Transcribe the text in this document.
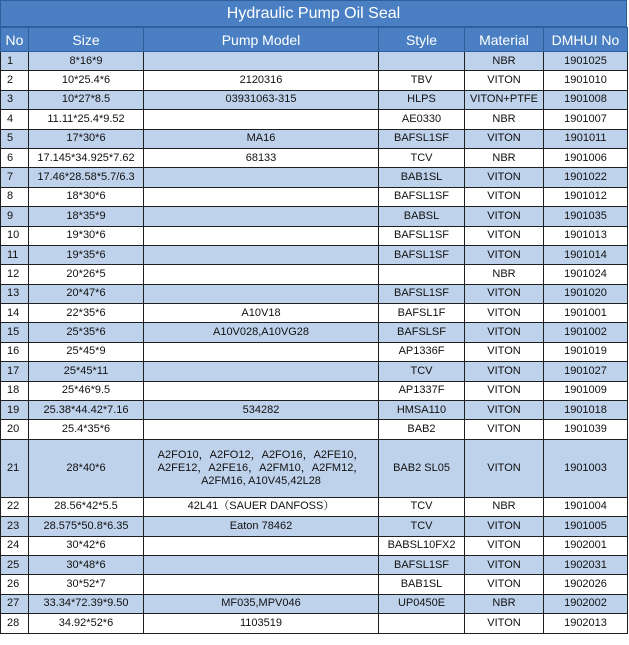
Hydraulic Pump Oil Seal
No	Size	Pump Model	Style	Material	DMHUI No
1	8*16*9			NBR	1901025
2	10*25.4*6	2120316	TBV	VITON	1901010
3	10*27*8.5	03931063-315	HLPS	VITON+PTFE	1901008
4	11.11*25.4*9.52		AE0330	NBR	1901007
5	17*30*6	MA16	BAFSL1SF	VITON	1901011
6	17.145*34.925*7.62	68133	TCV	NBR	1901006
7	17.46*28.58*5.7/6.3		BAB1SL	VITON	1901022
8	18*30*6		BAFSL1SF	VITON	1901012
9	18*35*9		BABSL	VITON	1901035
10	19*30*6		BAFSL1SF	VITON	1901013
11	19*35*6		BAFSL1SF	VITON	1901014
12	20*26*5			NBR	1901024
13	20*47*6		BAFSL1SF	VITON	1901020
14	22*35*6	A10V18	BAFSL1F	VITON	1901001
15	25*35*6	A10V028,A10VG28	BAFSLSF	VITON	1901002
16	25*45*9		AP1336F	VITON	1901019
17	25*45*11		TCV	VITON	1901027
18	25*46*9.5		AP1337F	VITON	1901009
19	25.38*44.42*7.16	534282	HMSA110	VITON	1901018
20	25.4*35*6		BAB2	VITON	1901039
21	28*40*6	A2FO10，A2FO12，A2FO16，A2FE10，A2FE12，A2FE16，A2FM10，A2FM12，A2FM16, A10V45,42L28	BAB2 SL05	VITON	1901003
22	28.56*42*5.5	42L41（SAUER DANFOSS）	TCV	NBR	1901004
23	28.575*50.8*6.35	Eaton 78462	TCV	VITON	1901005
24	30*42*6		BABSL10FX2	VITON	1902001
25	30*48*6		BAFSL1SF	VITON	1902031
26	30*52*7		BAB1SL	VITON	1902026
27	33.34*72.39*9.50	MF035,MPV046	UP0450E	NBR	1902002
28	34.92*52*6	1103519		VITON	1902013
